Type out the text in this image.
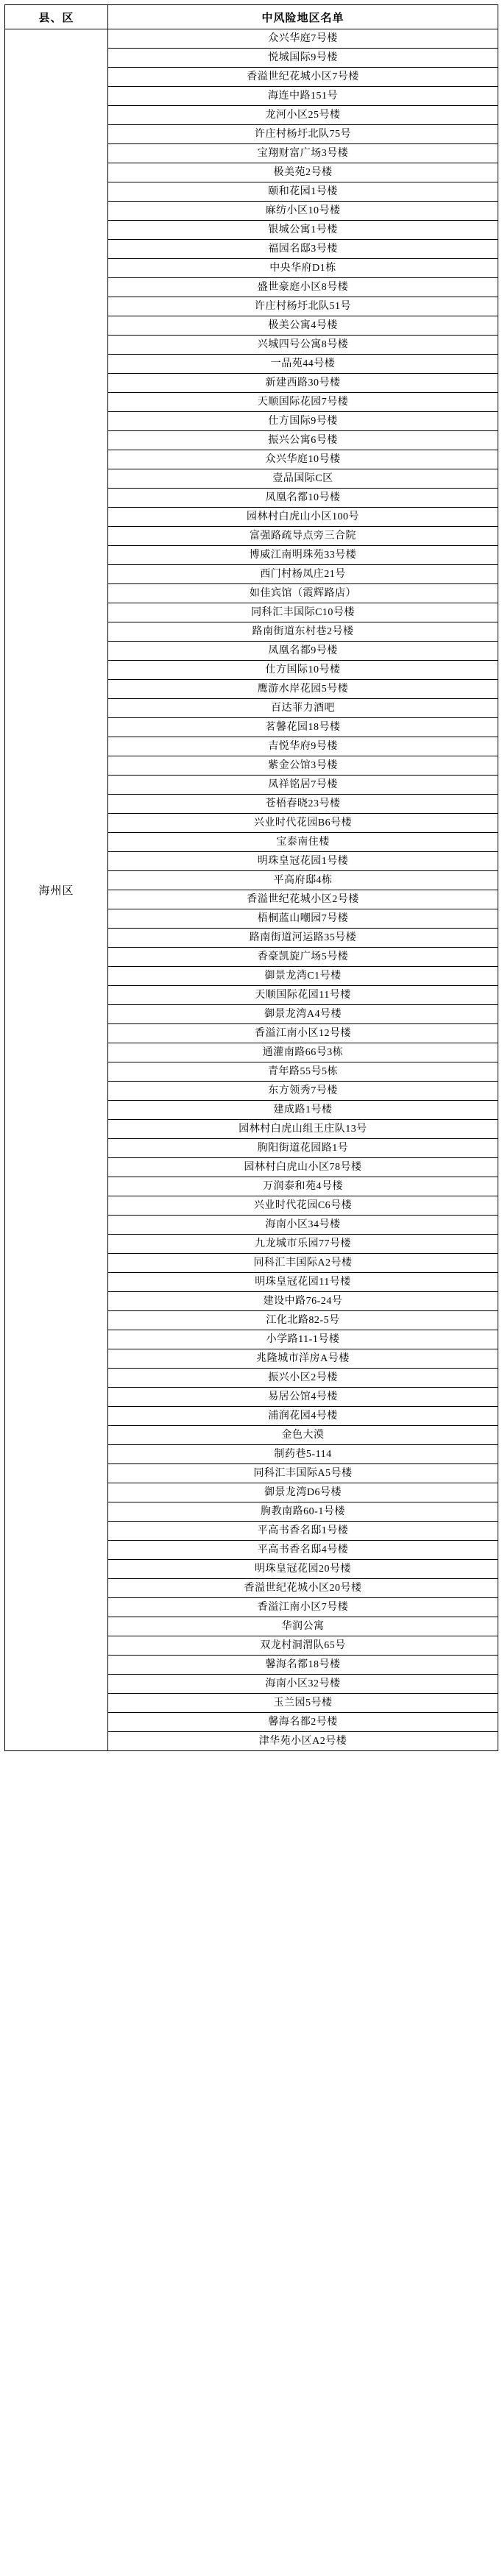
县、区	中风险地区名单
海州区	众兴华庭7号楼
	悦城国际9号楼
	香溢世纪花城小区7号楼
	海连中路151号
	龙河小区25号楼
	许庄村杨圩北队75号
	宝翔财富广场3号楼
	极美苑2号楼
	颐和花园1号楼
	麻纺小区10号楼
	银城公寓1号楼
	福园名邸3号楼
	中央华府D1栋
	盛世豪庭小区8号楼
	许庄村杨圩北队51号
	极美公寓4号楼
	兴城四号公寓8号楼
	一品苑44号楼
	新建西路30号楼
	天顺国际花园7号楼
	仕方国际9号楼
	振兴公寓6号楼
	众兴华庭10号楼
	壹品国际C区
	凤凰名都10号楼
	园林村白虎山小区100号
	富强路疏导点旁三合院
	博威江南明珠苑33号楼
	西门村杨凤庄21号
	如佳宾馆（霞辉路店）
	同科汇丰国际C10号楼
	路南街道东村巷2号楼
	凤凰名都9号楼
	仕方国际10号楼
	鹰游水岸花园5号楼
	百达菲力酒吧
	茗馨花园18号楼
	吉悦华府9号楼
	紫金公馆3号楼
	凤祥铭居7号楼
	苍梧春晓23号楼
	兴业时代花园B6号楼
	宝泰南住楼
	明珠皇冠花园1号楼
	平高府邸4栋
	香溢世纪花城小区2号楼
	梧桐蓝山嘲园7号楼
	路南街道河运路35号楼
	香豪凯旋广场5号楼
	御景龙湾C1号楼
	天顺国际花园11号楼
	御景龙湾A4号楼
	香溢江南小区12号楼
	通灌南路66号3栋
	青年路55号5栋
	东方领秀7号楼
	建成路1号楼
	园林村白虎山组王庄队13号
	朐阳街道花园路1号
	园林村白虎山小区78号楼
	万润泰和苑4号楼
	兴业时代花园C6号楼
	海南小区34号楼
	九龙城市乐园77号楼
	同科汇丰国际A2号楼
	明珠皇冠花园11号楼
	建设中路76-24号
	江化北路82-5号
	小学路11-1号楼
	兆隆城市洋房A号楼
	振兴小区2号楼
	易居公馆4号楼
	浦润花园4号楼
	金色大漠
	制药巷5-114
	同科汇丰国际A5号楼
	御景龙湾D6号楼
	朐教南路60-1号楼
	平高书香名邸1号楼
	平高书香名邸4号楼
	明珠皇冠花园20号楼
	香溢世纪花城小区20号楼
	香溢江南小区7号楼
	华润公寓
	双龙村洞渭队65号
	馨海名都18号楼
	海南小区32号楼
	玉兰园5号楼
	馨海名都2号楼
	津华苑小区A2号楼
